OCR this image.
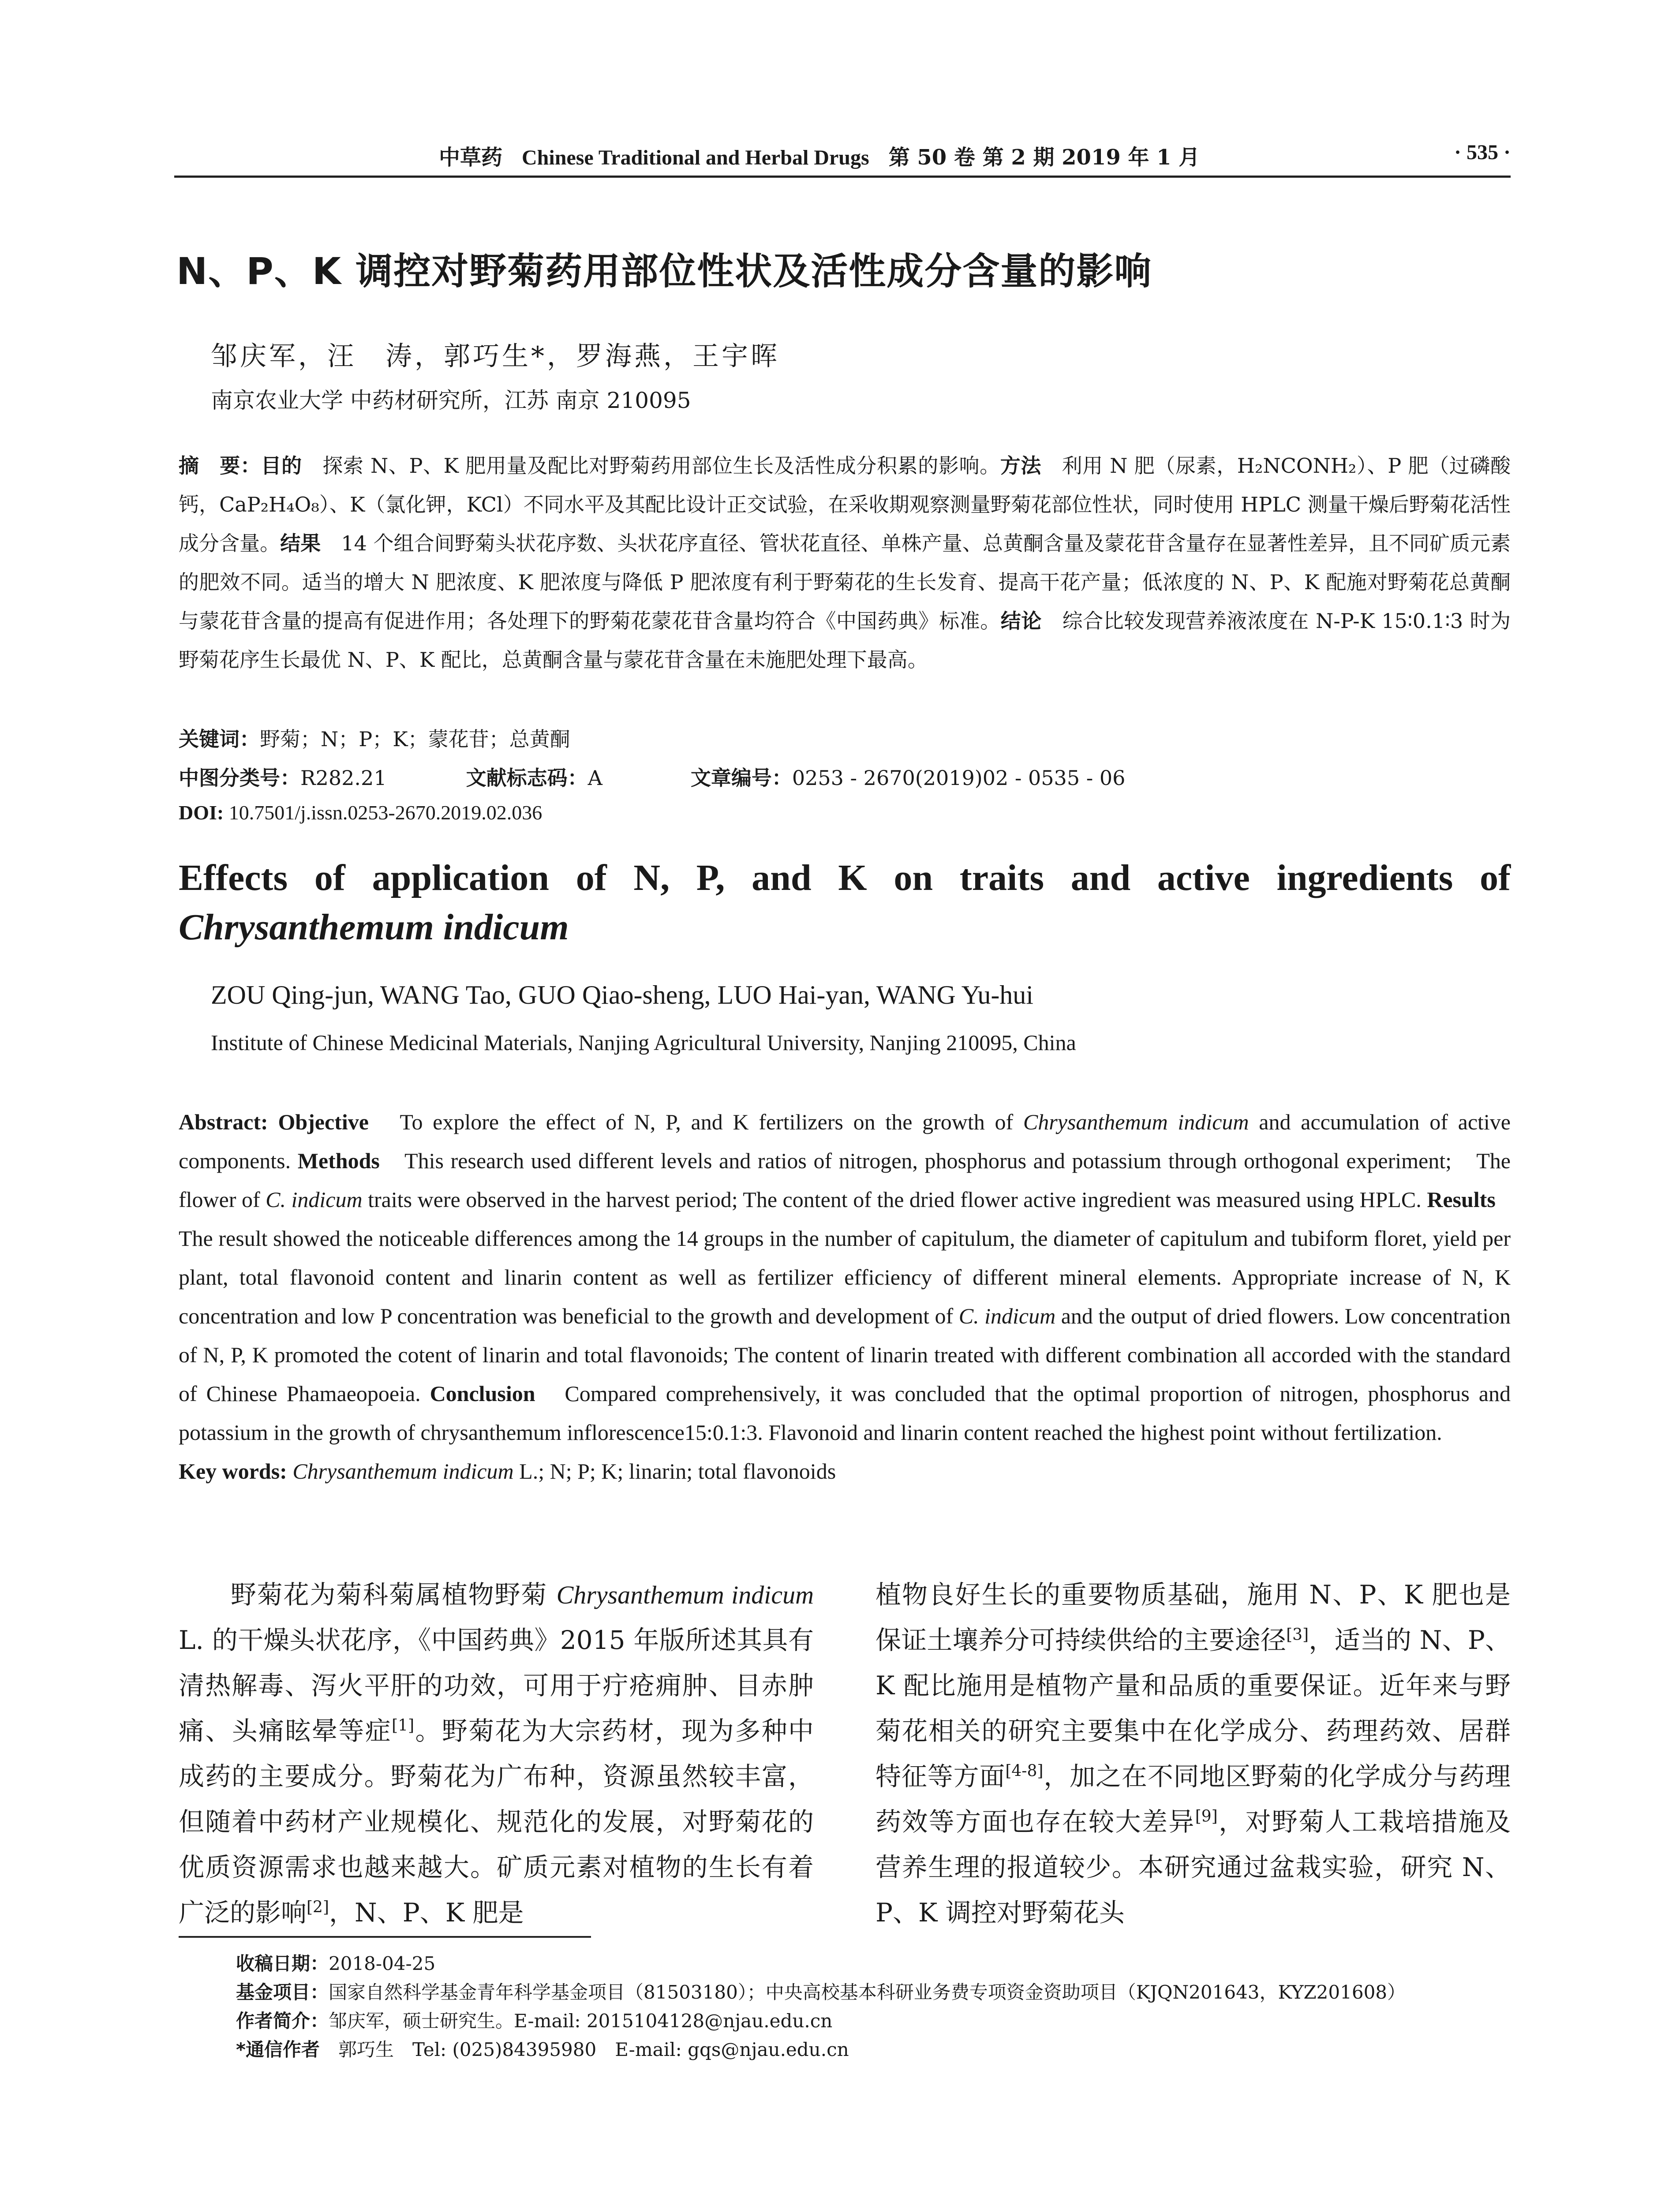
中草药 Chinese Traditional and Herbal Drugs 第 50 卷 第 2 期 2019 年 1 月	· 535 ·
N、P、K 调控对野菊药用部位性状及活性成分含量的影响
邹庆军，汪　涛，郭巧生*，罗海燕，王宇晖
南京农业大学 中药材研究所，江苏 南京 210095
摘　要：目的　探索 N、P、K 肥用量及配比对野菊药用部位生长及活性成分积累的影响。方法　利用 N 肥（尿素，H₂NCONH₂）、P 肥（过磷酸钙，CaP₂H₄O₈）、K（氯化钾，KCl）不同水平及其配比设计正交试验，在采收期观察测量野菊花部位性状，同时使用 HPLC 测量干燥后野菊花活性成分含量。结果　14 个组合间野菊头状花序数、头状花序直径、管状花直径、单株产量、总黄酮含量及蒙花苷含量存在显著性差异，且不同矿质元素的肥效不同。适当的增大 N 肥浓度、K 肥浓度与降低 P 肥浓度有利于野菊花的生长发育、提高干花产量；低浓度的 N、P、K 配施对野菊花总黄酮与蒙花苷含量的提高有促进作用；各处理下的野菊花蒙花苷含量均符合《中国药典》标准。结论　综合比较发现营养液浓度在 N-P-K 15∶0.1∶3 时为野菊花序生长最优 N、P、K 配比，总黄酮含量与蒙花苷含量在未施肥处理下最高。
关键词：野菊；N；P；K；蒙花苷；总黄酮
中图分类号：R282.21	文献标志码：A	文章编号：0253 - 2670(2019)02 - 0535 - 06
DOI: 10.7501/j.issn.0253-2670.2019.02.036
Effects of application of N, P, and K on traits and active ingredients of
Chrysanthemum indicum
ZOU Qing-jun, WANG Tao, GUO Qiao-sheng, LUO Hai-yan, WANG Yu-hui
Institute of Chinese Medicinal Materials, Nanjing Agricultural University, Nanjing 210095, China
Abstract: Objective　To explore the effect of N, P, and K fertilizers on the growth of Chrysanthemum indicum and accumulation of active components. Methods　This research used different levels and ratios of nitrogen, phosphorus and potassium through orthogonal experiment;　The flower of C. indicum traits were observed in the harvest period; The content of the dried flower active ingredient was measured using HPLC. Results　The result showed the noticeable differences among the 14 groups in the number of capitulum, the diameter of capitulum and tubiform floret, yield per plant, total flavonoid content and linarin content as well as fertilizer efficiency of different mineral elements. Appropriate increase of N, K concentration and low P concentration was beneficial to the growth and development of C. indicum and the output of dried flowers. Low concentration of N, P, K promoted the cotent of linarin and total flavonoids; The content of linarin treated with different combination all accorded with the standard of Chinese Phamaeopoeia. Conclusion　Compared comprehensively, it was concluded that the optimal proportion of nitrogen, phosphorus and potassium in the growth of chrysanthemum inflorescence15:0.1:3. Flavonoid and linarin content reached the highest point without fertilization.
Key words: Chrysanthemum indicum L.; N; P; K; linarin; total flavonoids
野菊花为菊科菊属植物野菊 Chrysanthemum indicum L. 的干燥头状花序，《中国药典》2015 年版所述其具有清热解毒、泻火平肝的功效，可用于疔疮痈肿、目赤肿痛、头痛眩晕等症[1]。野菊花为大宗药材，现为多种中成药的主要成分。野菊花为广布种，资源虽然较丰富，但随着中药材产业规模化、规范化的发展，对野菊花的优质资源需求也越来越大。矿质元素对植物的生长有着广泛的影响[2]，N、P、K 肥是
植物良好生长的重要物质基础，施用 N、P、K 肥也是保证土壤养分可持续供给的主要途径[3]，适当的 N、P、K 配比施用是植物产量和品质的重要保证。近年来与野菊花相关的研究主要集中在化学成分、药理药效、居群特征等方面[4-8]，加之在不同地区野菊的化学成分与药理药效等方面也存在较大差异[9]，对野菊人工栽培措施及营养生理的报道较少。本研究通过盆栽实验，研究 N、P、K 调控对野菊花头
收稿日期：2018-04-25
基金项目：国家自然科学基金青年科学基金项目（81503180）；中央高校基本科研业务费专项资金资助项目（KJQN201643，KYZ201608）
作者简介：邹庆军，硕士研究生。E-mail: 2015104128@njau.edu.cn
*通信作者　郭巧生　Tel: (025)84395980　E-mail: gqs@njau.edu.cn
